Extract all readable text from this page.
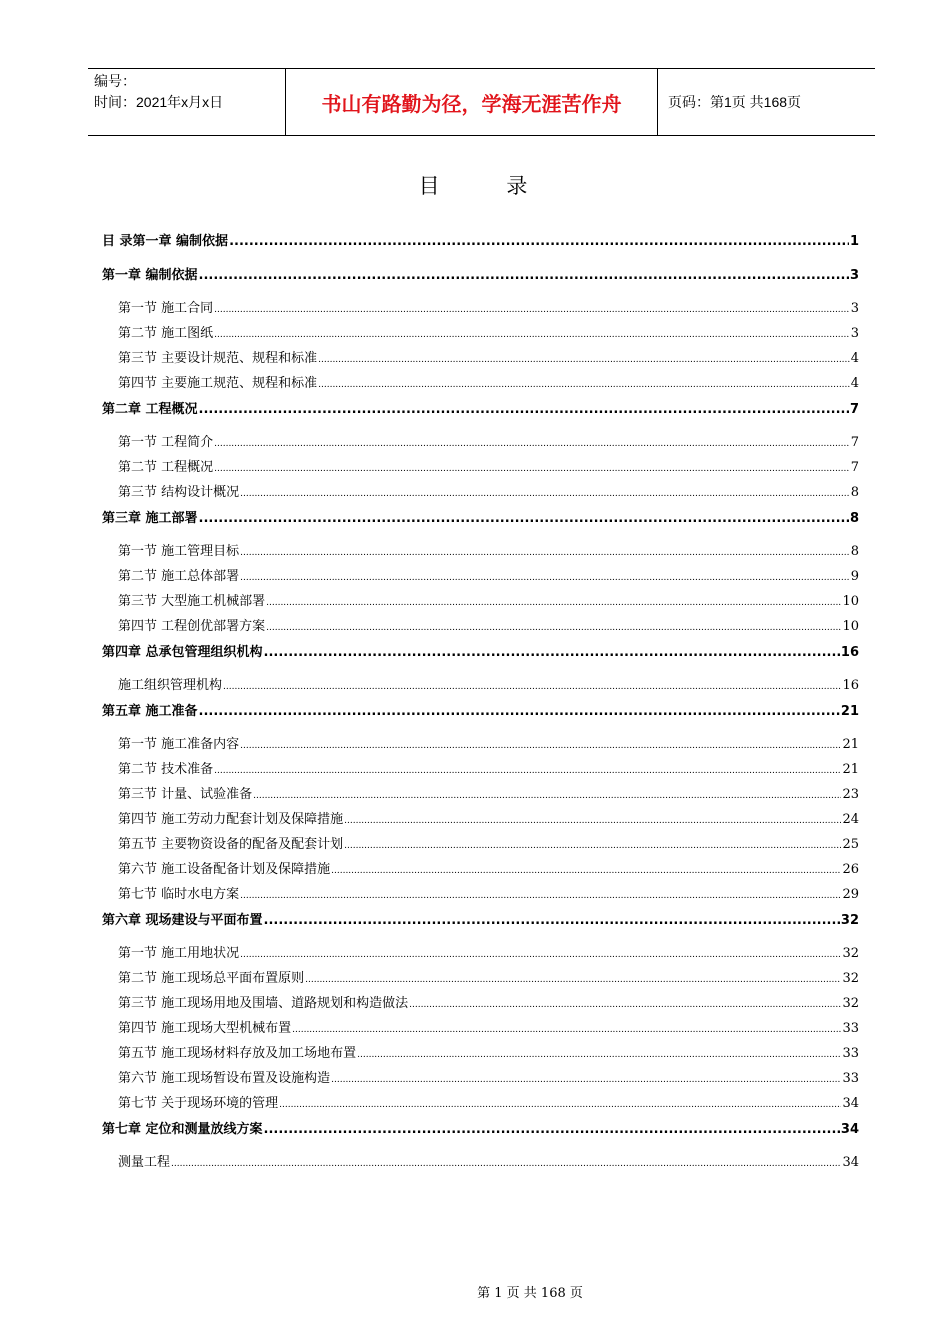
编号：
时间：2021年x月x日	书山有路勤为径，学海无涯苦作舟	页码：第1页 共168页
目 录
目 录第一章 编制依据 .....	1
第一章 编制依据 .....	3
第一节 施工合同 .....	3
第二节 施工图纸 .....	3
第三节 主要设计规范、规程和标准 .....	4
第四节 主要施工规范、规程和标准 .....	4
第二章 工程概况 .....	7
第一节 工程简介 .....	7
第二节 工程概况 .....	7
第三节 结构设计概况 .....	8
第三章 施工部署 .....	8
第一节 施工管理目标 .....	8
第二节 施工总体部署 .....	9
第三节 大型施工机械部署 .....	10
第四节 工程创优部署方案 .....	10
第四章 总承包管理组织机构 .....	16
施工组织管理机构 .....	16
第五章 施工准备 .....	21
第一节 施工准备内容 .....	21
第二节 技术准备 .....	21
第三节 计量、试验准备 .....	23
第四节 施工劳动力配套计划及保障措施 .....	24
第五节 主要物资设备的配备及配套计划 .....	25
第六节 施工设备配备计划及保障措施 .....	26
第七节 临时水电方案 .....	29
第六章 现场建设与平面布置 .....	32
第一节 施工用地状况 .....	32
第二节 施工现场总平面布置原则 .....	32
第三节 施工现场用地及围墙、道路规划和构造做法 .....	32
第四节 施工现场大型机械布置 .....	33
第五节 施工现场材料存放及加工场地布置 .....	33
第六节 施工现场暂设布置及设施构造 .....	33
第七节 关于现场环境的管理 .....	34
第七章 定位和测量放线方案 .....	34
测量工程 .....	34
第 1 页 共 168 页
